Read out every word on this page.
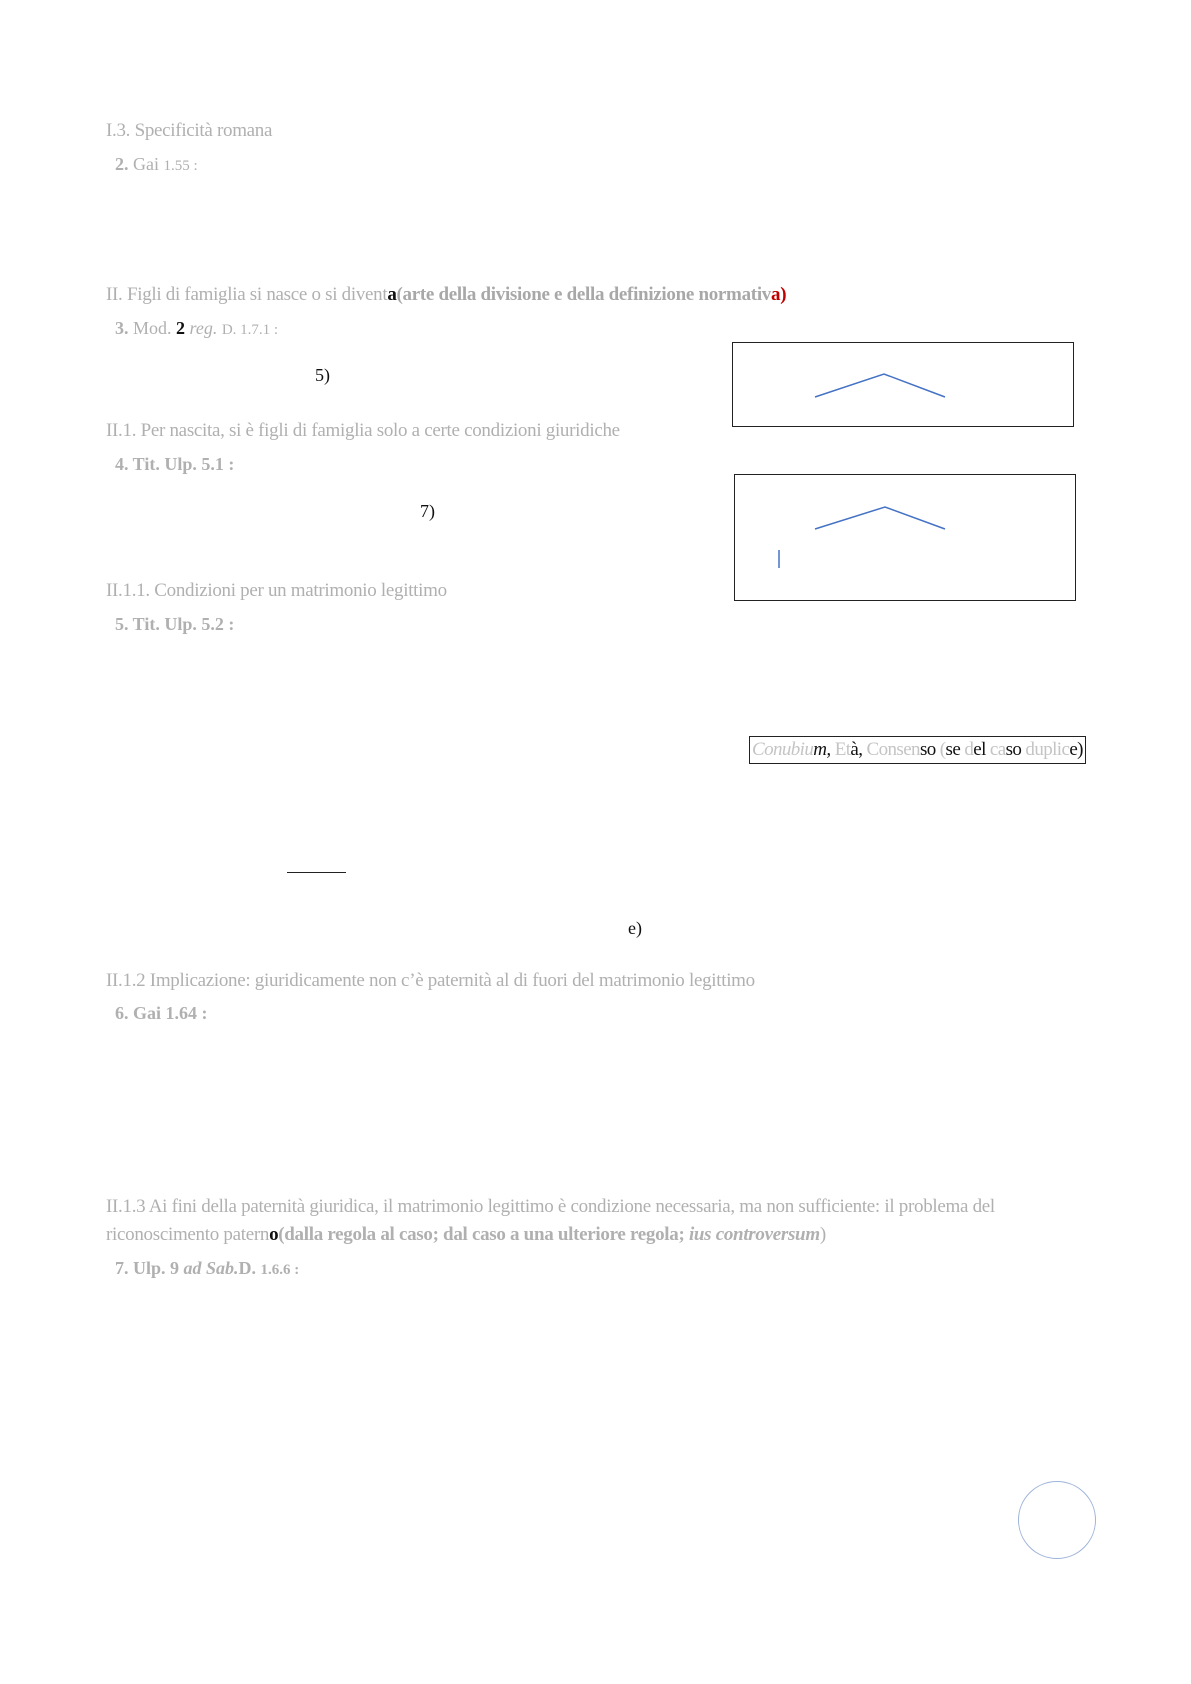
I.3. Specificità romana
2. Gai 1.55 :
II. Figli di famiglia si nasce o si diventa(arte della divisione e della definizione normativa)
3. Mod. 2 reg. D. 1.7.1 :
5)
II.1. Per nascita, si è figli di famiglia solo a certe condizioni giuridiche
4. Tit. Ulp. 5.1 :
7)
II.1.1. Condizioni per un matrimonio legittimo
5. Tit. Ulp. 5.2 :
Conubium, Età, Consenso (se del caso duplice)
e)
II.1.2 Implicazione: giuridicamente non c’è paternità al di fuori del matrimonio legittimo
6. Gai 1.64 :
II.1.3 Ai fini della paternità giuridica, il matrimonio legittimo è condizione necessaria, ma non sufficiente: il problema del
riconoscimento paterno(dalla regola al caso; dal caso a una ulteriore regola; ius controversum)
7. Ulp. 9 ad Sab.D. 1.6.6 :
